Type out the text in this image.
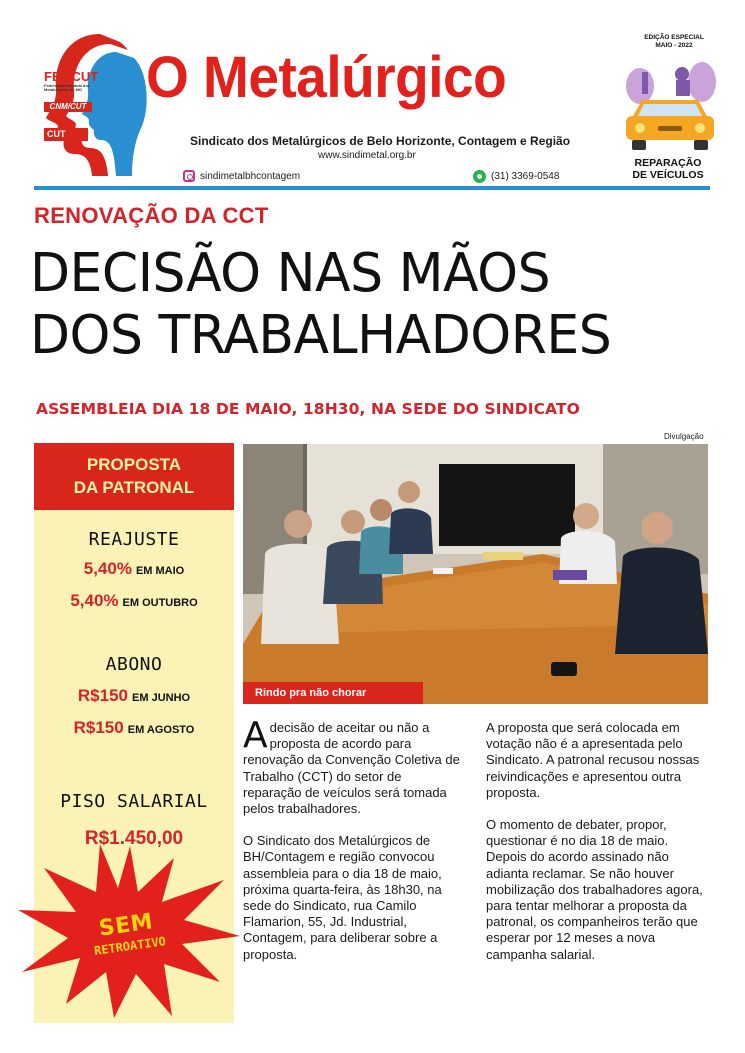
FEMCUT
Federação Estadual dos Metalúrgicos de MG
CNM/CUT
CUT
O Metalúrgico
Sindicato dos Metalúrgicos de Belo Horizonte, Contagem e Região
www.sindimetal.org.br
EDIÇÃO ESPECIAL
MAIO - 2022
REPARAÇÃO
DE VEÍCULOS
sindimetalbhcontagem	(31) 3369-0548
RENOVAÇÃO DA CCT
DECISÃO NAS MÃOS
DOS TRABALHADORES
ASSEMBLEIA DIA 18 DE MAIO, 18H30, NA SEDE DO SINDICATO
PROPOSTA
DA PATRONAL
REAJUSTE
5,40% EM MAIO
5,40% EM OUTUBRO
ABONO
R$150 EM JUNHO
R$150 EM AGOSTO
PISO SALARIAL
R$1.450,00
SEM
RETROATIVO
Divulgação
Rindo pra não chorar

Adecisão de aceitar ou não a proposta de acordo para renovação da Convenção Coletiva de Trabalho (CCT) do setor de reparação de veículos será tomada pelos trabalhadores.

O Sindicato dos Metalúrgicos de BH/Contagem e região convocou assembleia para o dia 18 de maio, próxima quarta-feira, às 18h30, na sede do Sindicato, rua Camilo Flamarion, 55, Jd. Industrial, Contagem, para deliberar sobre a proposta.

A proposta que será colocada em votação não é a apresentada pelo Sindicato. A patronal recusou nossas reivindicações e apresentou outra proposta.

O momento de debater, propor, questionar é no dia 18 de maio. Depois do acordo assinado não adianta reclamar. Se não houver mobilização dos trabalhadores agora, para tentar melhorar a proposta da patronal, os companheiros terão que esperar por 12 meses a nova campanha salarial.
